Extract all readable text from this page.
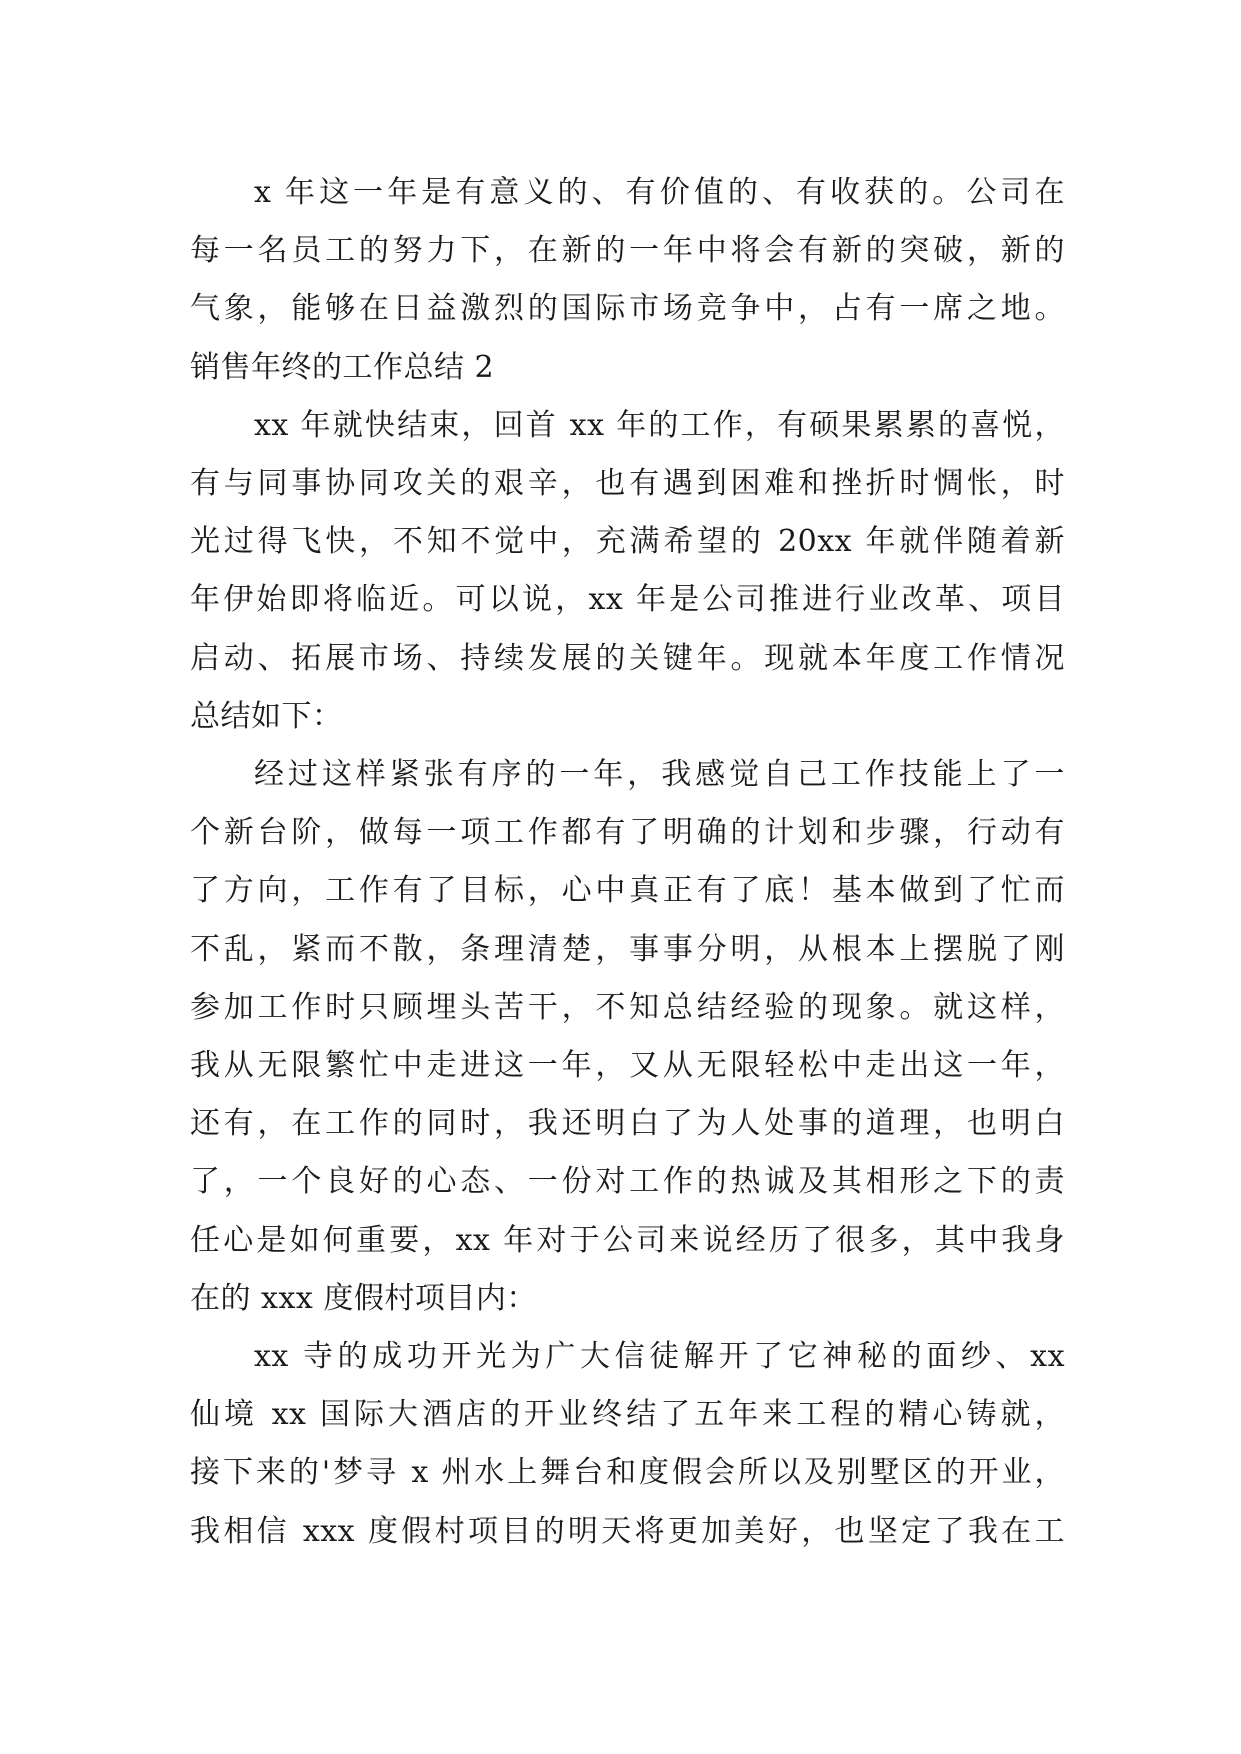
x 年这一年是有意义的、有价值的、有收获的。公司在
每一名员工的努力下，在新的一年中将会有新的突破，新的
气象，能够在日益激烈的国际市场竞争中，占有一席之地。
销售年终的工作总结 2
xx 年就快结束，回首 xx 年的工作，有硕果累累的喜悦，
有与同事协同攻关的艰辛，也有遇到困难和挫折时惆怅，时
光过得飞快，不知不觉中，充满希望的 20xx 年就伴随着新
年伊始即将临近。可以说，xx 年是公司推进行业改革、项目
启动、拓展市场、持续发展的关键年。现就本年度工作情况
总结如下：
经过这样紧张有序的一年，我感觉自己工作技能上了一
个新台阶，做每一项工作都有了明确的计划和步骤，行动有
了方向，工作有了目标，心中真正有了底！基本做到了忙而
不乱，紧而不散，条理清楚，事事分明，从根本上摆脱了刚
参加工作时只顾埋头苦干，不知总结经验的现象。就这样，
我从无限繁忙中走进这一年，又从无限轻松中走出这一年，
还有，在工作的同时，我还明白了为人处事的道理，也明白
了，一个良好的心态、一份对工作的热诚及其相形之下的责
任心是如何重要，xx 年对于公司来说经历了很多，其中我身
在的 xxx 度假村项目内：
xx 寺的成功开光为广大信徒解开了它神秘的面纱、xx
仙境 xx 国际大酒店的开业终结了五年来工程的精心铸就，
接下来的'梦寻 x 州水上舞台和度假会所以及别墅区的开业，
我相信 xxx 度假村项目的明天将更加美好，也坚定了我在工
